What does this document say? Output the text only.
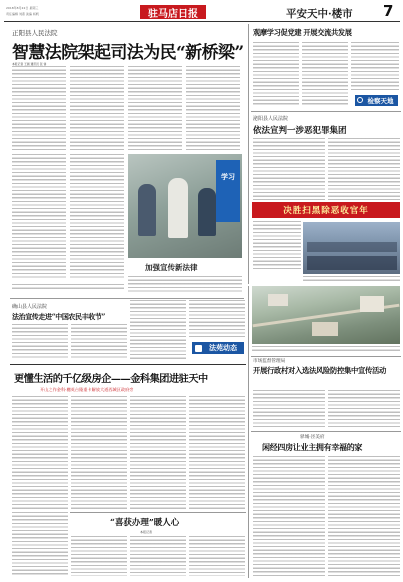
2018年8月22日 星期三
责任编辑 刘燕 美编 杨帆	驻马店日报	平安天中·楼市	7
正阳县人民法院
智慧法院架起司法为民“新桥梁”
本报记者 王晨 通讯员 张 睿
学习
加强宣传新法律
观摩学习促党建 开展交流共发展
检察天地
泌阳县人民法院
依法宣判一涉恶犯罪集团
决胜扫黑除恶收官年
确山县人民法院
法治宣传走进“中国农民丰收节”
法苑动态
市场监督管理局
开展行政村对入选法风险防控集中宣传活动
驿城·泾美府
闲经四房让业主拥有幸福的家
更懂生活的千亿级房企——金科集团进驻天中
开山之作金科·樾英台隆重卡解放大道西城区政府旁
“喜获办理”暖人心
本报记者
